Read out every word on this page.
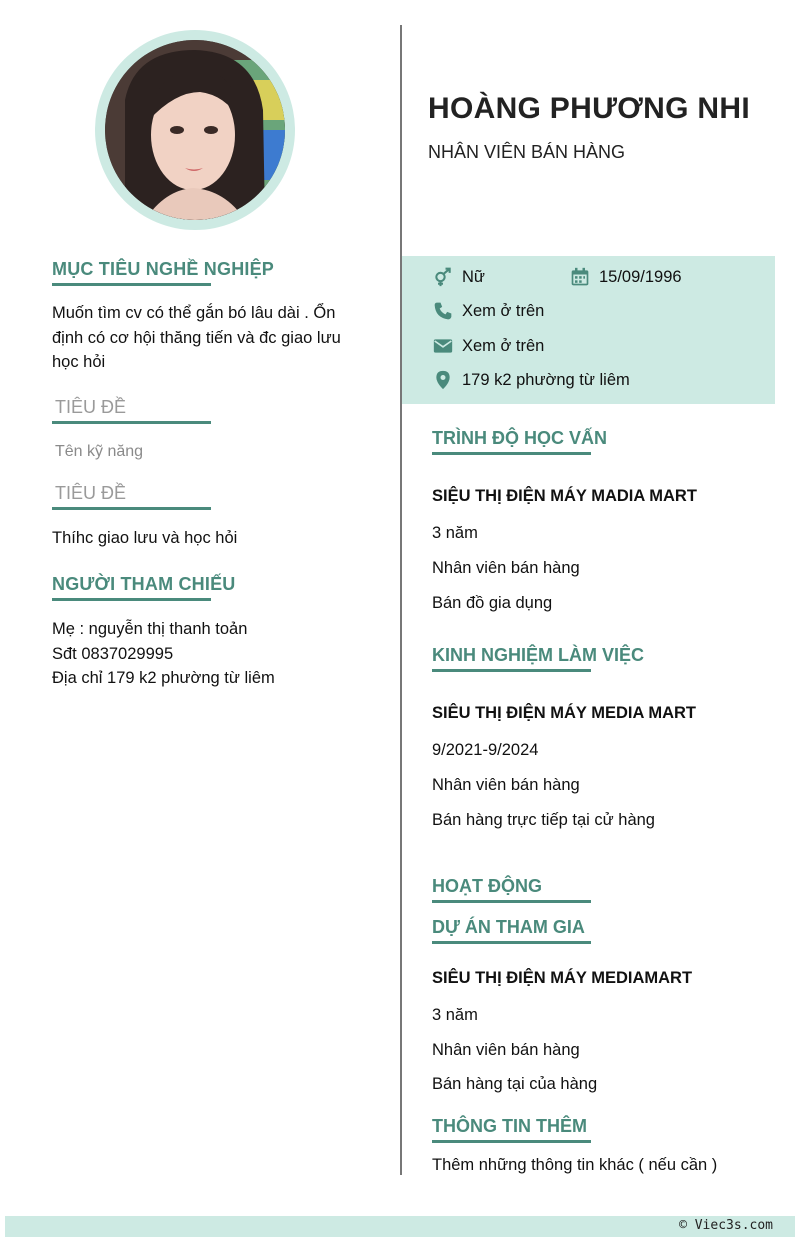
MỤC TIÊU NGHỀ NGHIỆP
Muốn tìm cv có thể gắn bó lâu dài . Ổn định có cơ hội thăng tiến và đc giao lưu học hỏi
TIÊU ĐỀ
Tên kỹ năng
TIÊU ĐỀ
Thíhc giao lưu và học hỏi
NGƯỜI THAM CHIẾU
Mẹ : nguyễn thị thanh toản
Sđt 0837029995
Địa chỉ 179 k2 phường từ liêm
HOÀNG PHƯƠNG NHI
NHÂN VIÊN BÁN HÀNG
Nữ	15/09/1996
Xem ở trên
Xem ở trên
179 k2 phường từ liêm
TRÌNH ĐỘ HỌC VẤN
SIỆU THỊ ĐIỆN MÁY MADIA MART
3 năm
Nhân viên bán hàng
Bán đồ gia dụng
KINH NGHIỆM LÀM VIỆC
SIÊU THỊ ĐIỆN MÁY MEDIA MART
9/2021-9/2024
Nhân viên bán hàng
Bán hàng trực tiếp tại cử hàng
HOẠT ĐỘNG
DỰ ÁN THAM GIA
SIÊU THỊ ĐIỆN MÁY MEDIAMART
3 năm
Nhân viên bán hàng
Bán hàng tại của hàng
THÔNG TIN THÊM
Thêm những thông tin khác ( nếu cần )
© Viec3s.com
